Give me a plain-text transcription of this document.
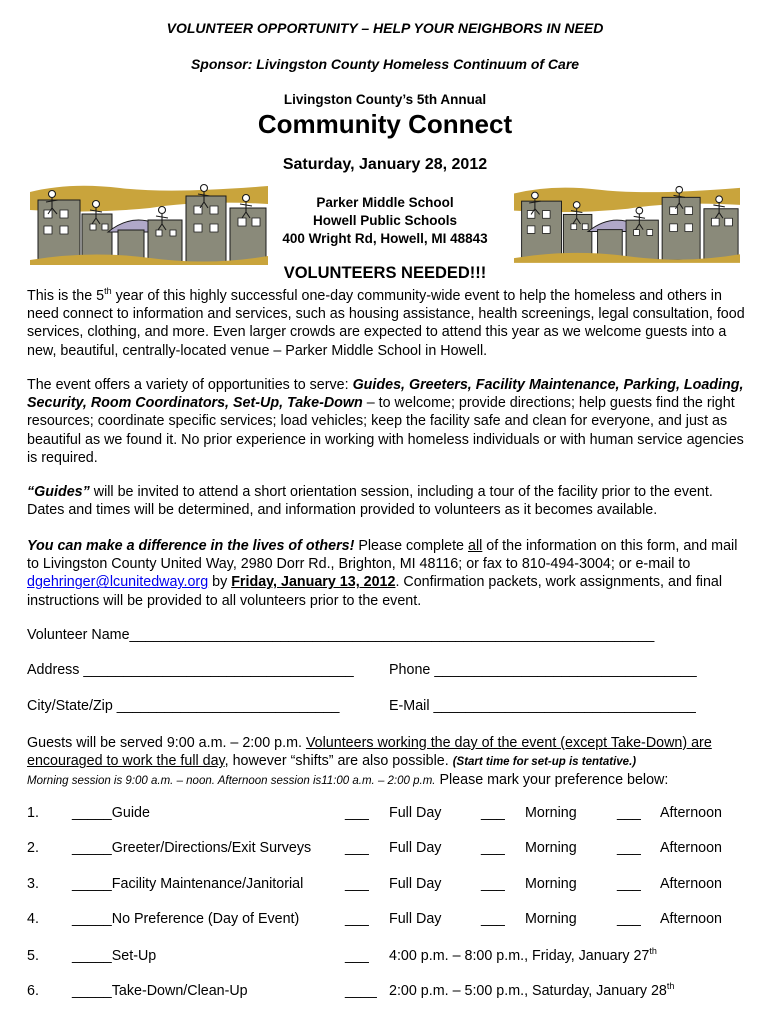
VOLUNTEER OPPORTUNITY – HELP YOUR NEIGHBORS IN NEED
Sponsor: Livingston County Homeless Continuum of Care
Livingston County’s 5th Annual
Community Connect
Saturday, January 28, 2012
Parker Middle School
Howell Public Schools
400 Wright Rd, Howell, MI 48843
VOLUNTEERS NEEDED!!!
This is the 5th year of this highly successful one-day community-wide event to help the homeless and others in need connect to information and services, such as housing assistance, health screenings, legal consultation, food services, clothing, and more. Even larger crowds are expected to attend this year as we welcome guests into a new, beautiful, centrally-located venue – Parker Middle School in Howell.
The event offers a variety of opportunities to serve: Guides, Greeters, Facility Maintenance, Parking, Loading, Security, Room Coordinators, Set-Up, Take-Down – to welcome; provide directions; help guests find the right resources; coordinate specific services; load vehicles; keep the facility safe and clean for everyone, and just as beautiful as we found it. No prior experience in working with homeless individuals or with human service agencies is required.
“Guides” will be invited to attend a short orientation session, including a tour of the facility prior to the event. Dates and times will be determined, and information provided to volunteers as it becomes available.
You can make a difference in the lives of others! Please complete all of the information on this form, and mail to Livingston County United Way, 2980 Dorr Rd., Brighton, MI 48116; or fax to 810-494-3004; or e-mail to dgehringer@lcunitedway.org by Friday, January 13, 2012. Confirmation packets, work assignments, and final instructions will be provided to all volunteers prior to the event.
Volunteer Name__________________________________________________________________
Address __________________________________ Phone _________________________________
City/State/Zip ____________________________	E-Mail _________________________________
Guests will be served 9:00 a.m. – 2:00 p.m. Volunteers working the day of the event (except Take-Down) are encouraged to work the full day, however “shifts” are also possible. (Start time for set-up is tentative.)
Morning session is 9:00 a.m. – noon. Afternoon session is11:00 a.m. – 2:00 p.m. Please mark your preference below:
1. _____Guide	___ Full Day	___ Morning	___ Afternoon
2. _____Greeter/Directions/Exit Surveys ___ Full Day	___ Morning	___ Afternoon
3. _____Facility Maintenance/Janitorial	___ Full Day	___ Morning	___ Afternoon
4. _____No Preference (Day of Event)	___ Full Day	___ Morning	___ Afternoon
5. _____Set-Up	___ 4:00 p.m. – 8:00 p.m., Friday, January 27th
6. _____Take-Down/Clean-Up	____ 2:00 p.m. – 5:00 p.m., Saturday, January 28th
